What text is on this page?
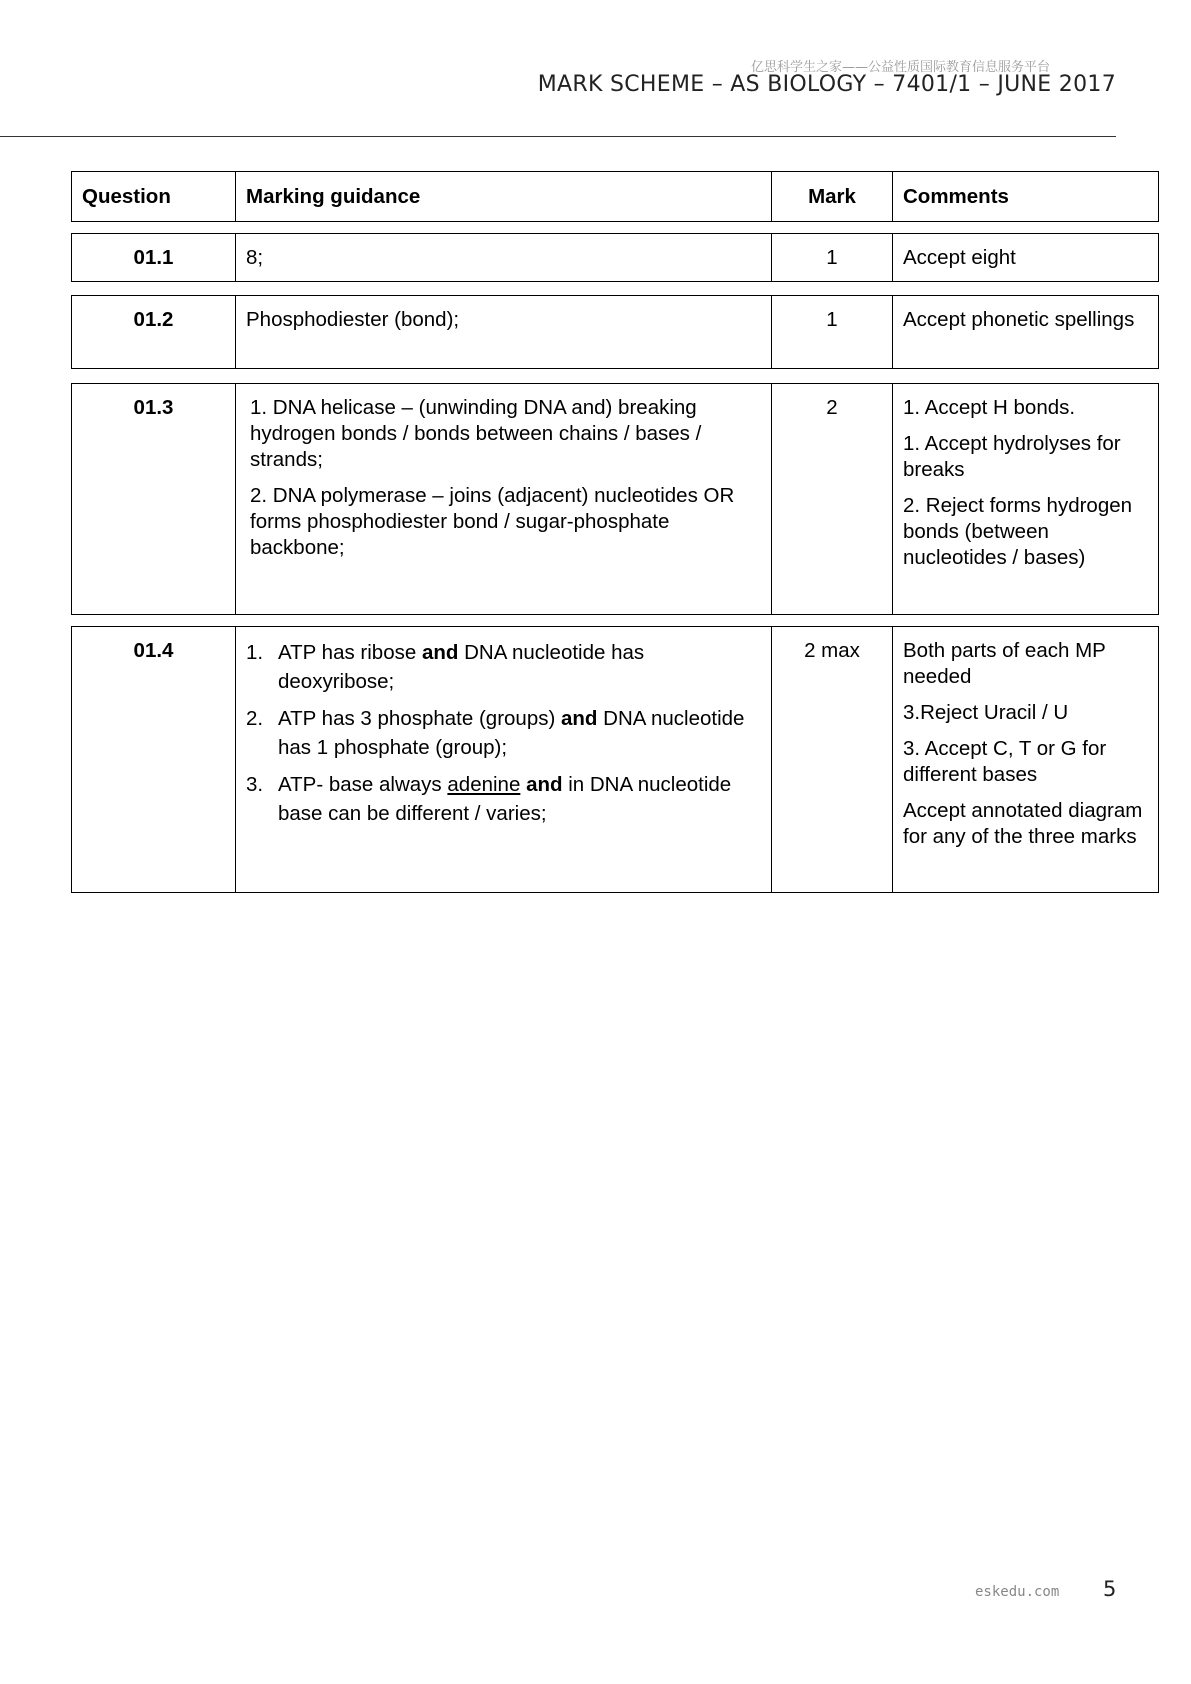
亿思科学生之家——公益性质国际教育信息服务平台
MARK SCHEME – AS BIOLOGY – 7401/1 – JUNE 2017
Question	Marking guidance	Mark	Comments
01.1	8;	1	Accept eight
01.2	Phosphodiester (bond);	1	Accept phonetic spellings
01.3	1. DNA helicase – (unwinding DNA and) breaking hydrogen bonds / bonds between chains / bases / strands;

2. DNA polymerase – joins (adjacent) nucleotides OR forms phosphodiester bond / sugar-phosphate backbone;

	2	1. Accept H bonds.

1. Accept hydrolyses for breaks

2. Reject forms hydrogen bonds (between nucleotides / bases)

01.4	1. ATP has ribose and DNA nucleotide has deoxyribose;
2. ATP has 3 phosphate (groups) and DNA nucleotide has 1 phosphate (group);
3. ATP- base always adenine and in DNA nucleotide base can be different / varies;
	2 max	Both parts of each MP needed

3.Reject Uracil / U

3. Accept C, T or G for different bases

Accept annotated diagram for any of the three marks

eskedu.com 5
